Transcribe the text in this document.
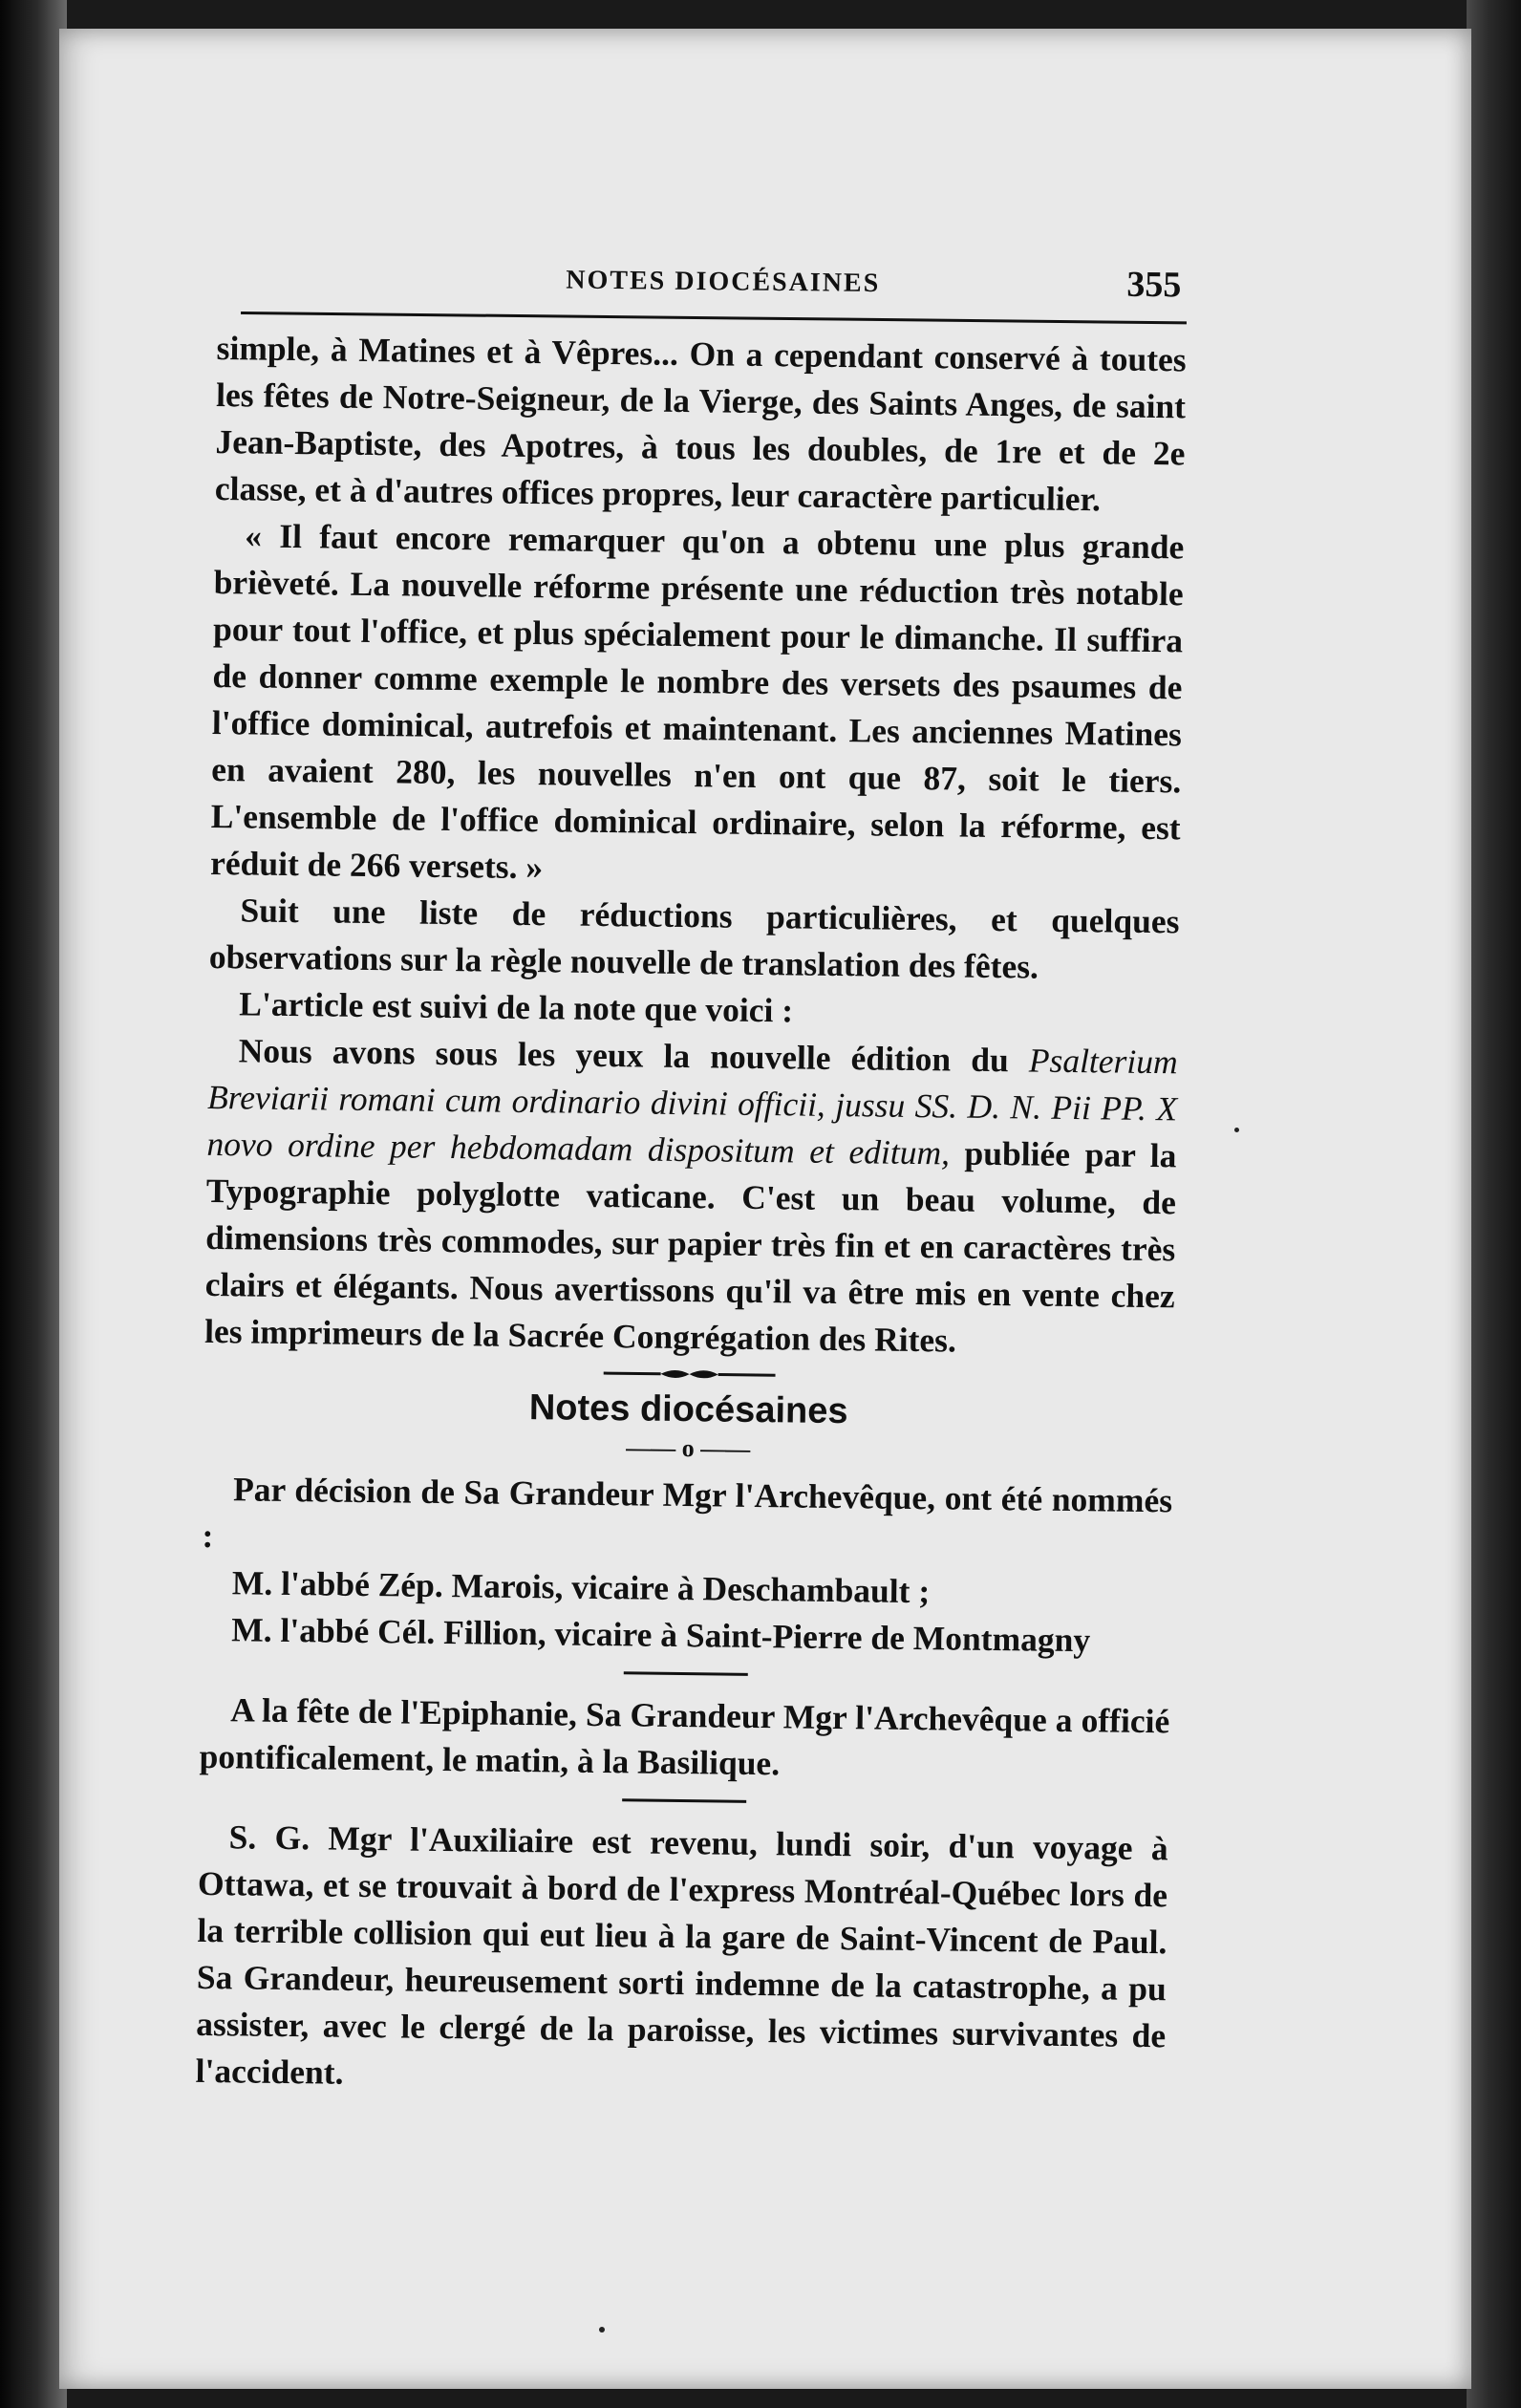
NOTES DIOCÉSAINES	355

simple, à Matines et à Vêpres... On a cependant conservé à toutes les fêtes de Notre-Seigneur, de la Vierge, des Saints Anges, de saint Jean-Baptiste, des Apotres, à tous les doubles, de 1re et de 2e classe, et à d'autres offices propres, leur caractère particulier.

« Il faut encore remarquer qu'on a obtenu une plus grande brièveté. La nouvelle réforme présente une réduction très notable pour tout l'office, et plus spécialement pour le dimanche. Il suffira de donner comme exemple le nombre des versets des psaumes de l'office dominical, autrefois et maintenant. Les anciennes Matines en avaient 280, les nouvelles n'en ont que 87, soit le tiers. L'ensemble de l'office dominical ordinaire, selon la réforme, est réduit de 266 versets. »

Suit une liste de réductions particulières, et quelques observations sur la règle nouvelle de translation des fêtes.

L'article est suivi de la note que voici :

Nous avons sous les yeux la nouvelle édition du Psalterium Breviarii romani cum ordinario divini officii, jussu SS. D. N. Pii PP. X novo ordine per hebdomadam dispositum et editum, publiée par la Typographie polyglotte vaticane. C'est un beau volume, de dimensions très commodes, sur papier très fin et en caractères très clairs et élégants. Nous avertissons qu'il va être mis en vente chez les imprimeurs de la Sacrée Congrégation des Rites.

Notes diocésaines
—— o ——

Par décision de Sa Grandeur Mgr l'Archevêque, ont été nommés :

M. l'abbé Zép. Marois, vicaire à Deschambault ;

M. l'abbé Cél. Fillion, vicaire à Saint-Pierre de Montmagny

A la fête de l'Epiphanie, Sa Grandeur Mgr l'Archevêque a officié pontificalement, le matin, à la Basilique.

S. G. Mgr l'Auxiliaire est revenu, lundi soir, d'un voyage à Ottawa, et se trouvait à bord de l'express Montréal-Québec lors de la terrible collision qui eut lieu à la gare de Saint-Vincent de Paul. Sa Grandeur, heureusement sorti indemne de la catastrophe, a pu assister, avec le clergé de la paroisse, les victimes survivantes de l'accident.
